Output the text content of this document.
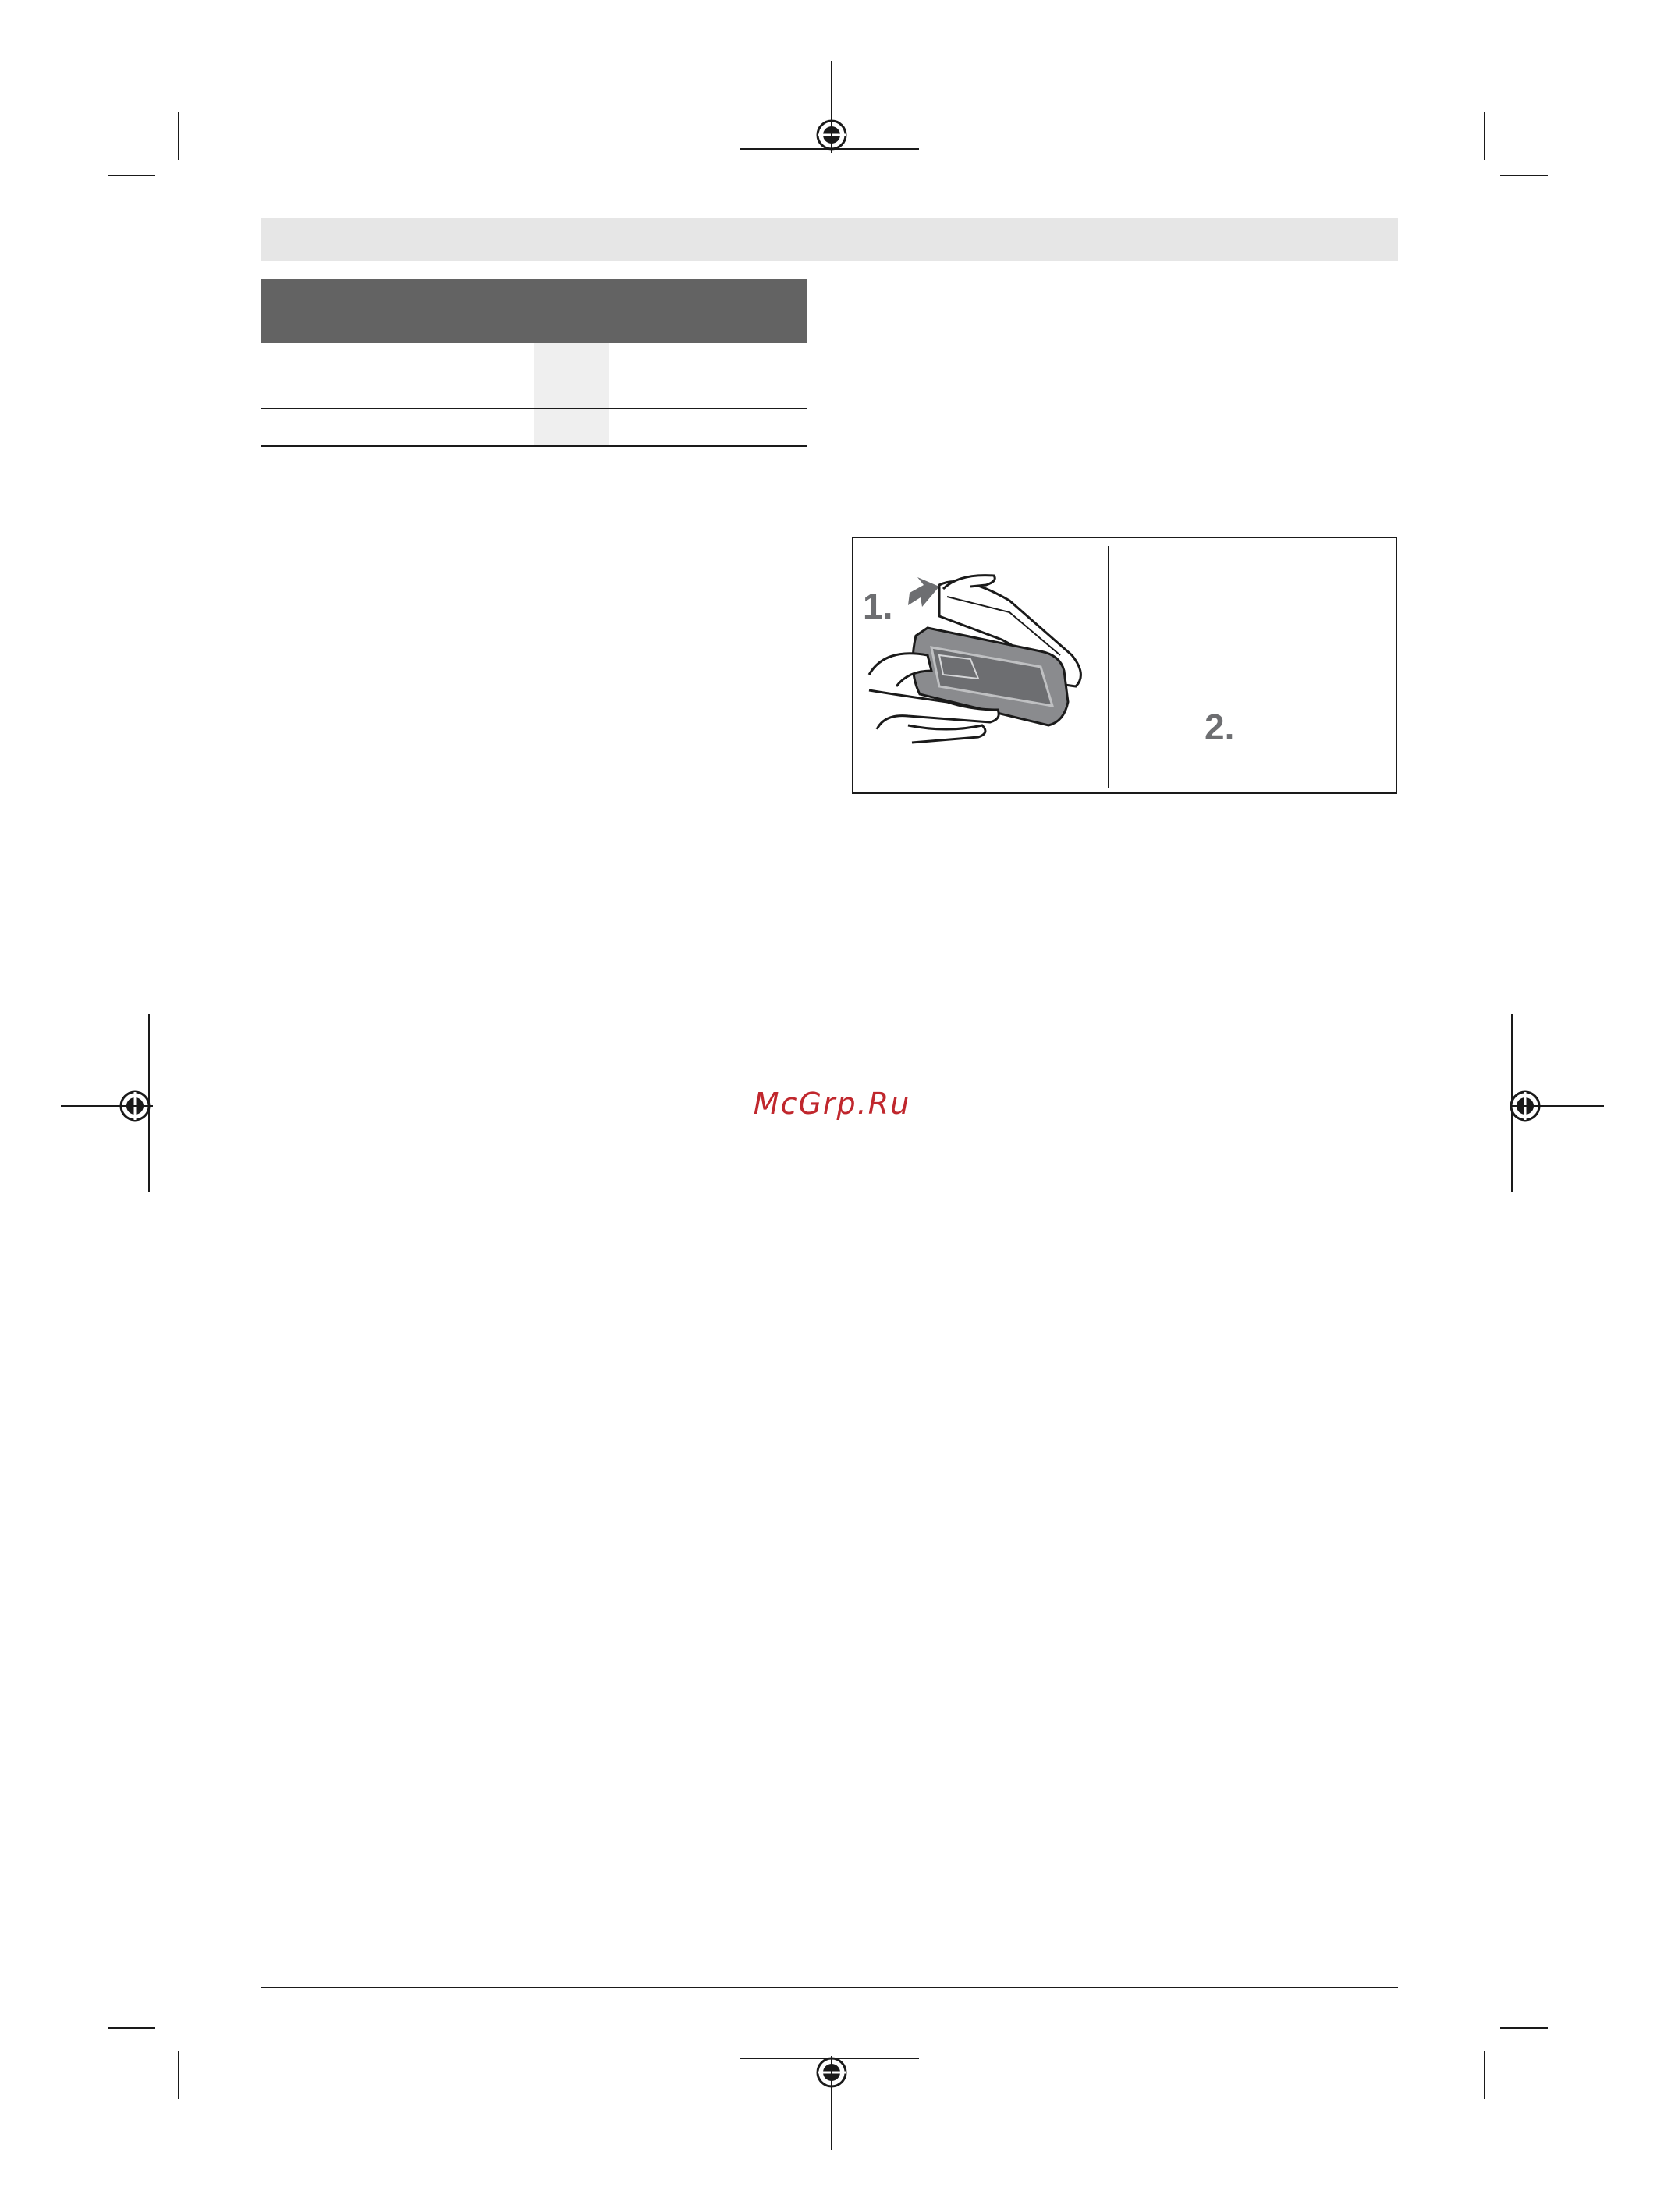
1.
2.
McGrp.Ru
